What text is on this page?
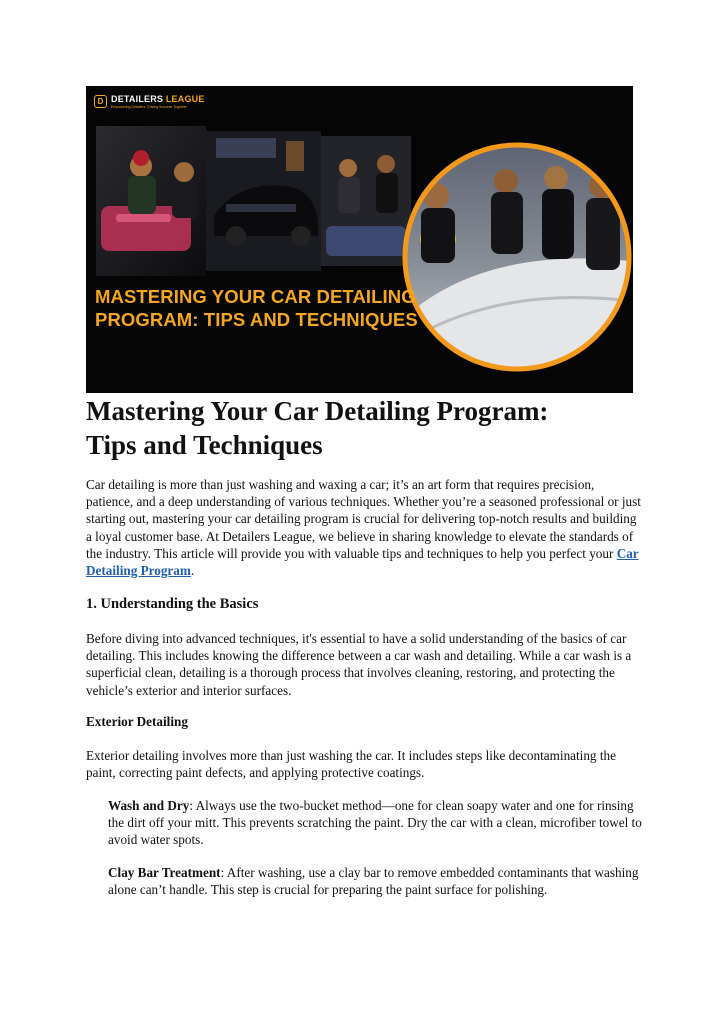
D DETAILERS LEAGUE
Empowering Detailers, Driving Success Together
MASTERING YOUR CAR DETAILING
PROGRAM: TIPS AND TECHNIQUES
Mastering Your Car Detailing Program:
Tips and Techniques

Car detailing is more than just washing and waxing a car; it’s an art form that requires precision, patience, and a deep understanding of various techniques. Whether you’re a seasoned professional or just starting out, mastering your car detailing program is crucial for delivering top-notch results and building a loyal customer base. At Detailers League, we believe in sharing knowledge to elevate the standards of the industry. This article will provide you with valuable tips and techniques to help you perfect your Car Detailing Program.

1. Understanding the Basics

Before diving into advanced techniques, it's essential to have a solid understanding of the basics of car detailing. This includes knowing the difference between a car wash and detailing. While a car wash is a superficial clean, detailing is a thorough process that involves cleaning, restoring, and protecting the vehicle’s exterior and interior surfaces.

Exterior Detailing

Exterior detailing involves more than just washing the car. It includes steps like decontaminating the paint, correcting paint defects, and applying protective coatings.

Wash and Dry: Always use the two-bucket method—one for clean soapy water and one for rinsing the dirt off your mitt. This prevents scratching the paint. Dry the car with a clean, microfiber towel to avoid water spots.

Clay Bar Treatment: After washing, use a clay bar to remove embedded contaminants that washing alone can’t handle. This step is crucial for preparing the paint surface for polishing.
